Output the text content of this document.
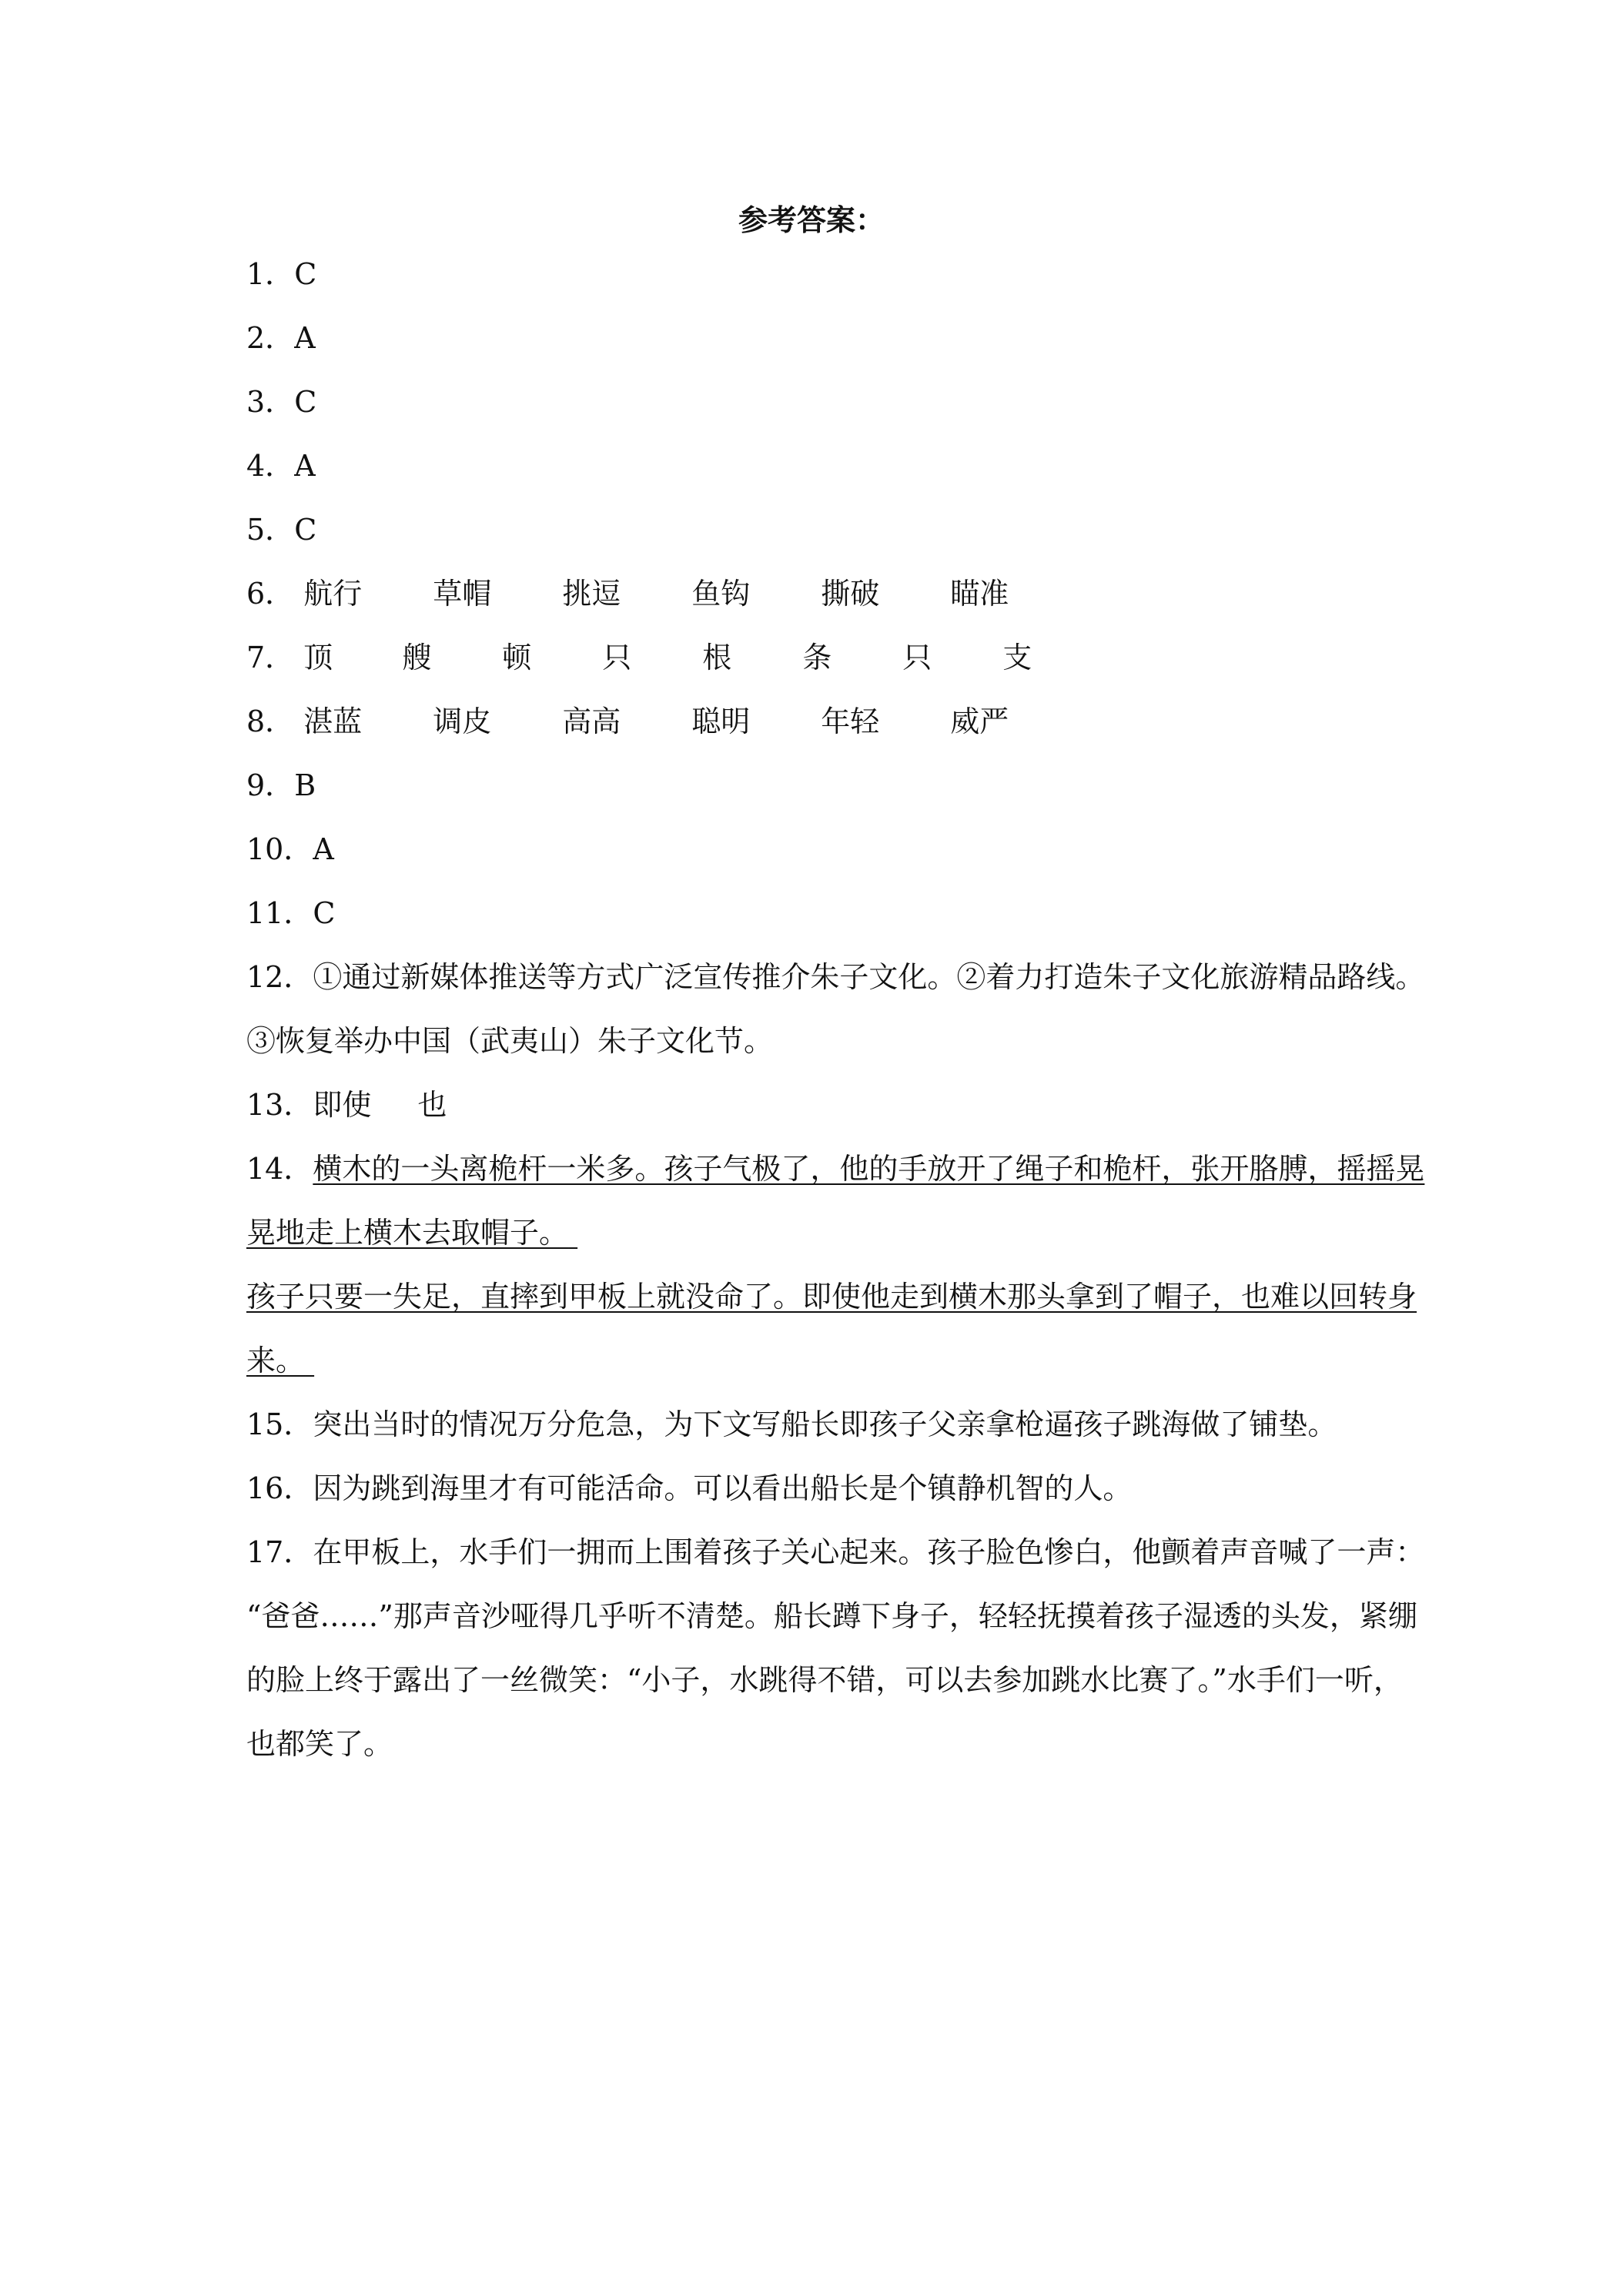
参考答案：
1．C
2．A
3．C
4．A
5．C
6． 航行 草帽 挑逗 鱼钩 撕破 瞄准
7． 顶 艘 顿 只 根 条 只 支
8． 湛蓝 调皮 高高 聪明 年轻 威严
9．B
10．A
11．C
12．①通过新媒体推送等方式广泛宣传推介朱子文化。②着力打造朱子文化旅游精品路线。
③恢复举办中国（武夷山）朱子文化节。
13．即使 也
14．横木的一头离桅杆一米多。孩子气极了，他的手放开了绳子和桅杆，张开胳膊，摇摇晃
晃地走上横木去取帽子。
孩子只要一失足，直摔到甲板上就没命了。即使他走到横木那头拿到了帽子，也难以回转身
来。
15．突出当时的情况万分危急，为下文写船长即孩子父亲拿枪逼孩子跳海做了铺垫。
16．因为跳到海里才有可能活命。可以看出船长是个镇静机智的人。
17．在甲板上，水手们一拥而上围着孩子关心起来。孩子脸色惨白，他颤着声音喊了一声：
“爸爸……”那声音沙哑得几乎听不清楚。船长蹲下身子，轻轻抚摸着孩子湿透的头发，紧绷
的脸上终于露出了一丝微笑：“小子，水跳得不错，可以去参加跳水比赛了。”水手们一听，
也都笑了。
